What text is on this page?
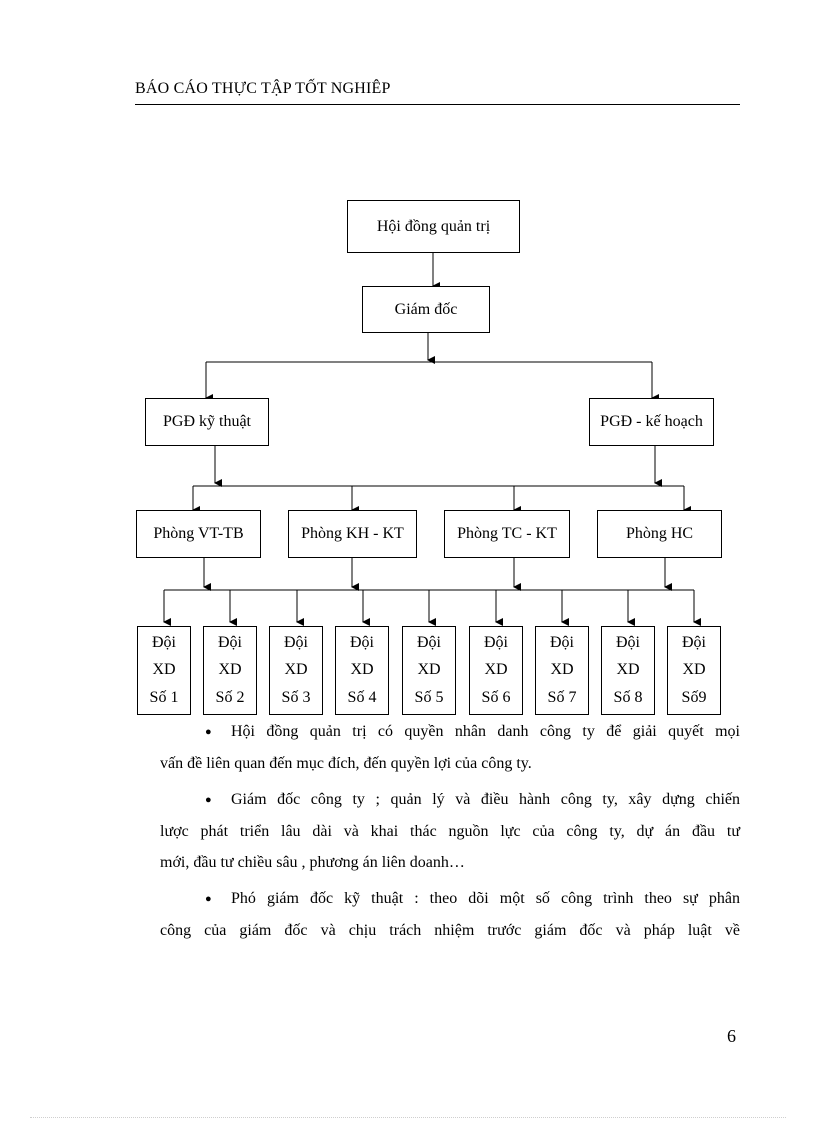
BÁO CÁO THỰC TẬP TỐT NGHIÊP
Hội đồng quản trị
Giám đốc
PGĐ kỹ thuật	PGĐ - kế hoạch
Phòng VT-TB	Phòng KH - KT	Phòng TC - KT	Phòng HC
Đội
XD
Số 1
Đội
XD
Số 2
Đội
XD
Số 3
Đội
XD
Số 4
Đội
XD
Số 5
Đội
XD
Số 6
Đội
XD
Số 7
Đội
XD
Số 8
Đội
XD
Số9

● Hội đồng quản trị có quyền nhân danh công ty để giải quyết mọi

vấn đề liên quan đến mục đích, đến quyền lợi của công ty.

● Giám đốc công ty ; quản lý và điều hành công ty, xây dựng chiến

lược phát triển lâu dài và khai thác nguồn lực của công ty, dự án đầu tư

mới, đầu tư chiều sâu , phương án liên doanh…

● Phó giám đốc kỹ thuật : theo dõi một số công trình theo sự phân

công của giám đốc và chịu trách nhiệm trước giám đốc và pháp luật về

6
